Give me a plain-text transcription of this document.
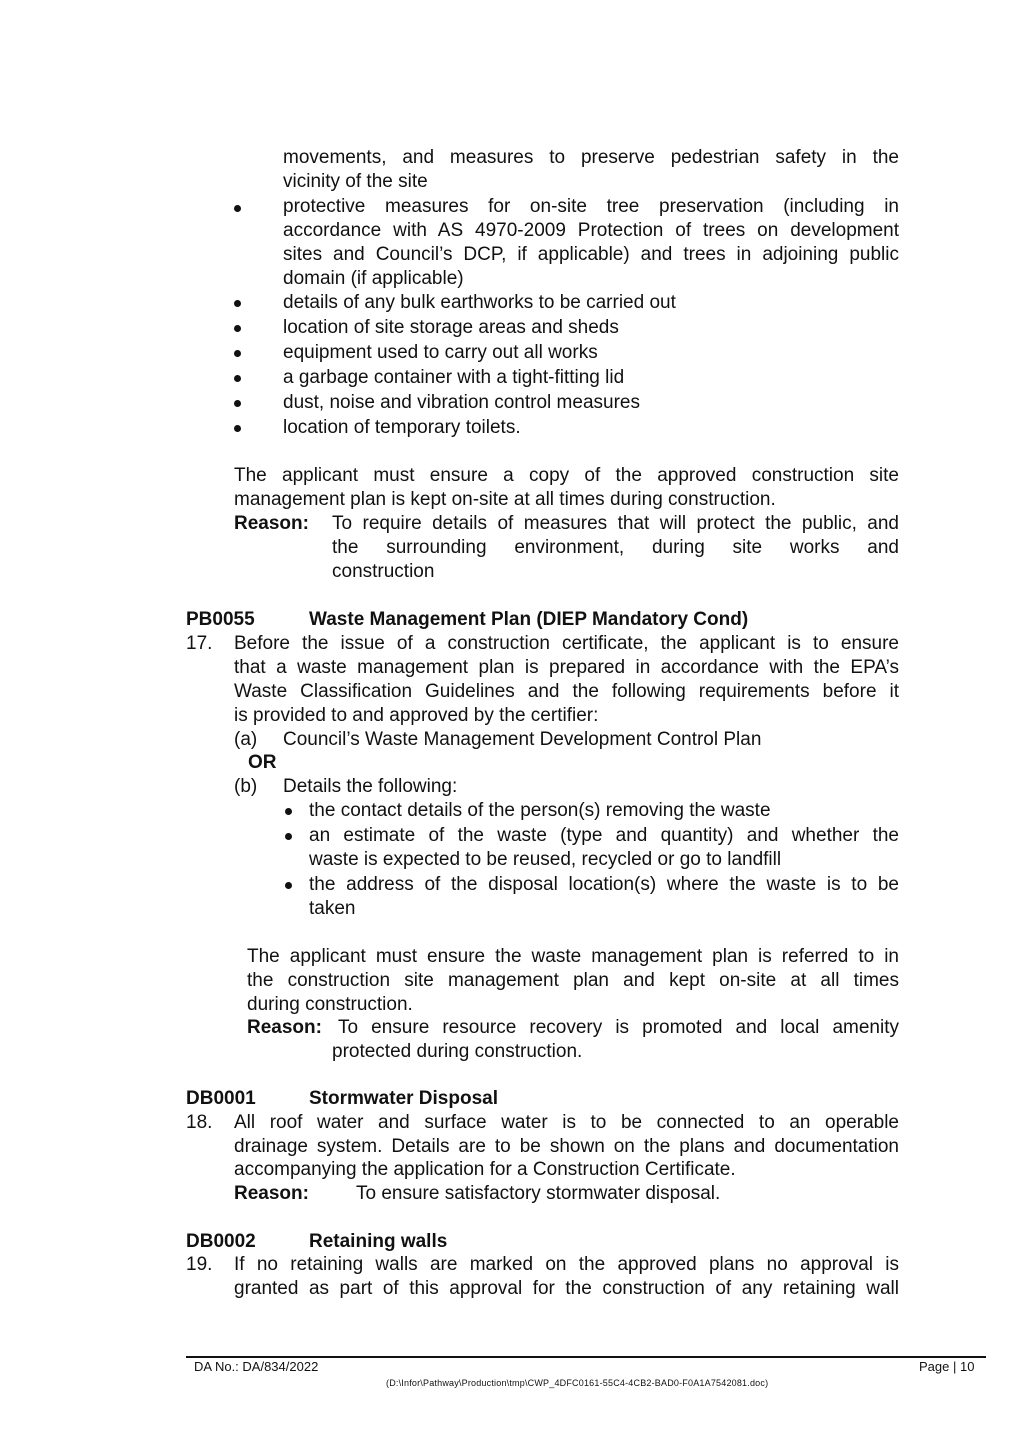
movements, and measures to preserve pedestrian safety in the
vicinity of the site
protective measures for on-site tree preservation (including in
accordance with AS 4970-2009 Protection of trees on development
sites and Council’s DCP, if applicable) and trees in adjoining public
domain (if applicable)
details of any bulk earthworks to be carried out
location of site storage areas and sheds
equipment used to carry out all works
a garbage container with a tight-fitting lid
dust, noise and vibration control measures
location of temporary toilets.
The applicant must ensure a copy of the approved construction site
management plan is kept on-site at all times during construction.
Reason: To require details of measures that will protect the public, and
the surrounding environment, during site works and
construction
PB0055	Waste Management Plan (DIEP Mandatory Cond)
17. Before the issue of a construction certificate, the applicant is to ensure
that a waste management plan is prepared in accordance with the EPA’s
Waste Classification Guidelines and the following requirements before it
is provided to and approved by the certifier:
(a) Council’s Waste Management Development Control Plan
OR
(b) Details the following:
the contact details of the person(s) removing the waste
an estimate of the waste (type and quantity) and whether the
waste is expected to be reused, recycled or go to landfill
the address of the disposal location(s) where the waste is to be
taken
The applicant must ensure the waste management plan is referred to in
the construction site management plan and kept on-site at all times
during construction.
Reason: To ensure resource recovery is promoted and local amenity
protected during construction.
DB0001	Stormwater Disposal
18. All roof water and surface water is to be connected to an operable
drainage system. Details are to be shown on the plans and documentation
accompanying the application for a Construction Certificate.
Reason: To ensure satisfactory stormwater disposal.
DB0002	Retaining walls
19. If no retaining walls are marked on the approved plans no approval is
granted as part of this approval for the construction of any retaining wall
DA No.: DA/834/2022	Page | 10
(D:\Infor\Pathway\Production\tmp\CWP_4DFC0161-55C4-4CB2-BAD0-F0A1A7542081.doc)
